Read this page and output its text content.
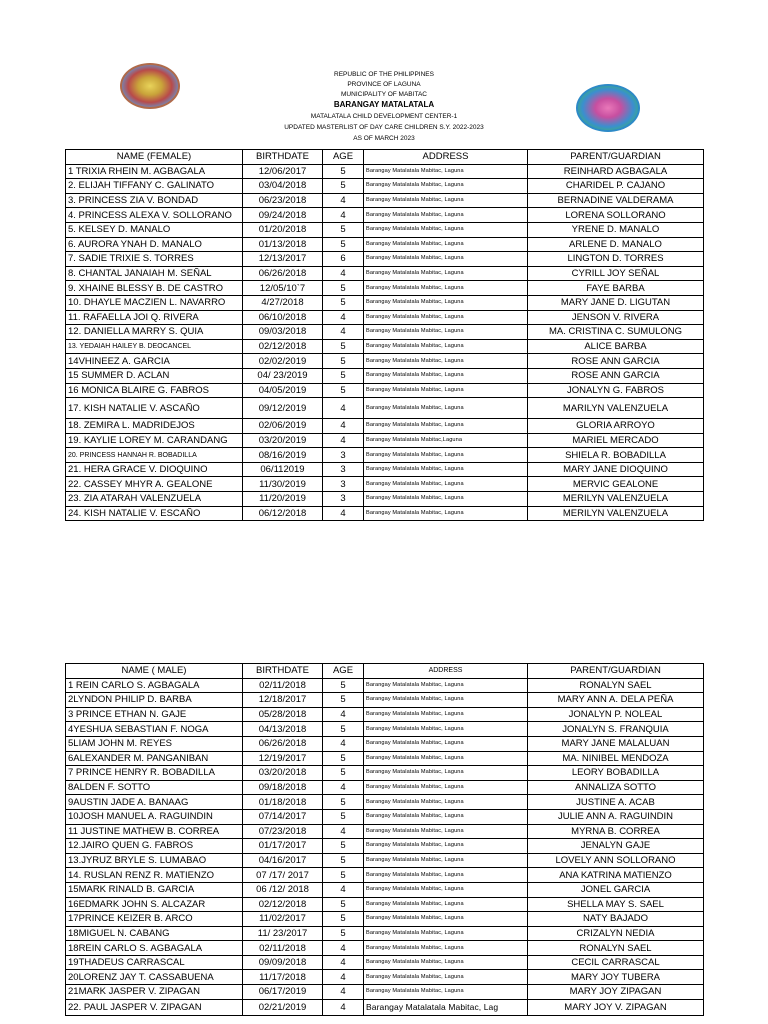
REPUBLIC OF THE PHILIPPINES
PROVINCE OF LAGUNA
MUNICIPALITY OF MABITAC
BARANGAY MATALATALA
MATALATALA CHILD DEVELOPMENT CENTER-1
UPDATED MASTERLIST OF DAY CARE CHILDREN S.Y. 2022-2023
AS OF MARCH 2023
NAME (FEMALE)	BIRTHDATE	AGE	ADDRESS	PARENT/GUARDIAN
1 TRIXIA RHEIN M. AGBAGALA	12/06/2017	5	Barangay Matalatala Mabitac, Laguna	REINHARD AGBAGALA
2. ELIJAH TIFFANY C. GALINATO	03/04/2018	5	Barangay Matalatala Mabitac, Laguna	CHARIDEL P. CAJANO
3. PRINCESS ZIA V. BONDAD	06/23/2018	4	Barangay Matalatala Mabitac, Laguna	BERNADINE VALDERAMA
4. PRINCESS ALEXA V. SOLLORANO	09/24/2018	4	Barangay Matalatala Mabitac, Laguna	LORENA SOLLORANO
5. KELSEY D. MANALO	01/20/2018	5	Barangay Matalatala Mabitac, Laguna	YRENE D. MANALO
6. AURORA YNAH D. MANALO	01/13/2018	5	Barangay Matalatala Mabitac, Laguna	ARLENE D. MANALO
7. SADIE TRIXIE S. TORRES	12/13/2017	6	Barangay Matalatala Mabitac, Laguna	LINGTON D. TORRES
8. CHANTAL JANAIAH M. SEÑAL	06/26/2018	4	Barangay Matalatala Mabitac, Laguna	CYRILL JOY SEÑAL
9. XHAINE BLESSY B. DE CASTRO	12/05/10`7	5	Barangay Matalatala Mabitac, Laguna	FAYE BARBA
10. DHAYLE MACZIEN L. NAVARRO	4/27/2018	5	Barangay Matalatala Mabitac, Laguna	MARY JANE D. LIGUTAN
11. RAFAELLA JOI Q. RIVERA	06/10/2018	4	Barangay Matalatala Mabitac, Laguna	JENSON V. RIVERA
12. DANIELLA MARRY S. QUIA	09/03/2018	4	Barangay Matalatala Mabitac, Laguna	MA. CRISTINA C. SUMULONG
13. YEDAIAH HAILEY B. DEOCANCEL	02/12/2018	5	Barangay Matalatala Mabitac, Laguna	ALICE BARBA
14VHINEEZ A. GARCIA	02/02/2019	5	Barangay Matalatala Mabitac, Laguna	ROSE ANN GARCIA
15 SUMMER D. ACLAN	04/ 23/2019	5	Barangay Matalatala Mabitac, Laguna	ROSE ANN GARCIA
16 MONICA BLAIRE G. FABROS	04/05/2019	5	Barangay Matalatala Mabitac, Laguna	JONALYN G. FABROS
17. KISH NATALIE V. ASCAÑO	09/12/2019	4	Barangay Matalatala Mabitac, Laguna	MARILYN VALENZUELA
18. ZEMIRA L. MADRIDEJOS	02/06/2019	4	Barangay Matalatala Mabitac, Laguna	GLORIA ARROYO
19. KAYLIE LOREY M. CARANDANG	03/20/2019	4	Barangay Matalatala Mabitac,Laguna	MARIEL MERCADO
20. PRINCESS HANNAH R. BOBADILLA	08/16/2019	3	Barangay Matalatala Mabitac, Laguna	SHIELA R. BOBADILLA
21. HERA GRACE V. DIOQUINO	06/112019	3	Barangay Matalatala Mabitac, Laguna	MARY JANE DIOQUINO
22. CASSEY MHYR A. GEALONE	11/30/2019	3	Barangay Matalatala Mabitac, Laguna	MERVIC GEALONE
23. ZIA ATARAH VALENZUELA	11/20/2019	3	Barangay Matalatala Mabitac, Laguna	MERILYN VALENZUELA
24. KISH NATALIE V. ESCAÑO	06/12/2018	4	Barangay Matalatala Mabitac, Laguna	MERILYN VALENZUELA
NAME ( MALE)	BIRTHDATE	AGE	ADDRESS	PARENT/GUARDIAN
1 REIN CARLO S. AGBAGALA	02/11/2018	5	Barangay Matalatala Mabitac, Laguna	RONALYN SAEL
2LYNDON PHILIP D. BARBA	12/18/2017	5	Barangay Matalatala Mabitac, Laguna	MARY ANN A. DELA PEÑA
3 PRINCE ETHAN N. GAJE	05/28/2018	4	Barangay Matalatala Mabitac, Laguna	JONALYN P. NOLEAL
4YESHUA SEBASTIAN F. NOGA	04/13/2018	5	Barangay Matalatala Mabitac, Laguna	JONALYN S. FRANQUIA
5LIAM JOHN M. REYES	06/26/2018	4	Barangay Matalatala Mabitac, Laguna	MARY JANE MALALUAN
6ALEXANDER M. PANGANIBAN	12/19/2017	5	Barangay Matalatala Mabitac, Laguna	MA. NINIBEL MENDOZA
7 PRINCE HENRY R. BOBADILLA	03/20/2018	5	Barangay Matalatala Mabitac, Laguna	LEORY BOBADILLA
8ALDEN F. SOTTO	09/18/2018	4	Barangay Matalatala Mabitac, Laguna	ANNALIZA SOTTO
9AUSTIN JADE A. BANAAG	01/18/2018	5	Barangay Matalatala Mabitac, Laguna	JUSTINE A. ACAB
10JOSH MANUEL A. RAGUINDIN	07/14/2017	5	Barangay Matalatala Mabitac, Laguna	JULIE ANN A. RAGUINDIN
11 JUSTINE MATHEW B. CORREA	07/23/2018	4	Barangay Matalatala Mabitac, Laguna	MYRNA B. CORREA
12.JAIRO QUEN G. FABROS	01/17/2017	5	Barangay Matalatala Mabitac, Laguna	JENALYN GAJE
13.JYRUZ BRYLE S. LUMABAO	04/16/2017	5	Barangay Matalatala Mabitac, Laguna	LOVELY ANN SOLLORANO
14. RUSLAN RENZ R. MATIENZO	07 /17/ 2017	5	Barangay Matalatala Mabitac, Laguna	ANA KATRINA MATIENZO
15MARK RINALD B. GARCIA	06 /12/ 2018	4	Barangay Matalatala Mabitac, Laguna	JONEL GARCIA
16EDMARK JOHN S. ALCAZAR	02/12/2018	5	Barangay Matalatala Mabitac, Laguna	SHELLA MAY S. SAEL
17PRINCE KEIZER B. ARCO	11/02/2017	5	Barangay Matalatala Mabitac, Laguna	NATY BAJADO
18MIGUEL N. CABANG	11/ 23/2017	5	Barangay Matalatala Mabitac, Laguna	CRIZALYN NEDIA
18REIN CARLO S. AGBAGALA	02/11/2018	4	Barangay Matalatala Mabitac, Laguna	RONALYN SAEL
19THADEUS CARRASCAL	09/09/2018	4	Barangay Matalatala Mabitac, Laguna	CECIL CARRASCAL
20LORENZ JAY T. CASSABUENA	11/17/2018	4	Barangay Matalatala Mabitac, Laguna	MARY JOY TUBERA
21MARK JASPER V. ZIPAGAN	06/17/2019	4	Barangay Matalatala Mabitac, Laguna	MARY JOY ZIPAGAN
22. PAUL JASPER V. ZIPAGAN	02/21/2019	4	Barangay Matalatala Mabitac, Lag	MARY JOY V. ZIPAGAN
